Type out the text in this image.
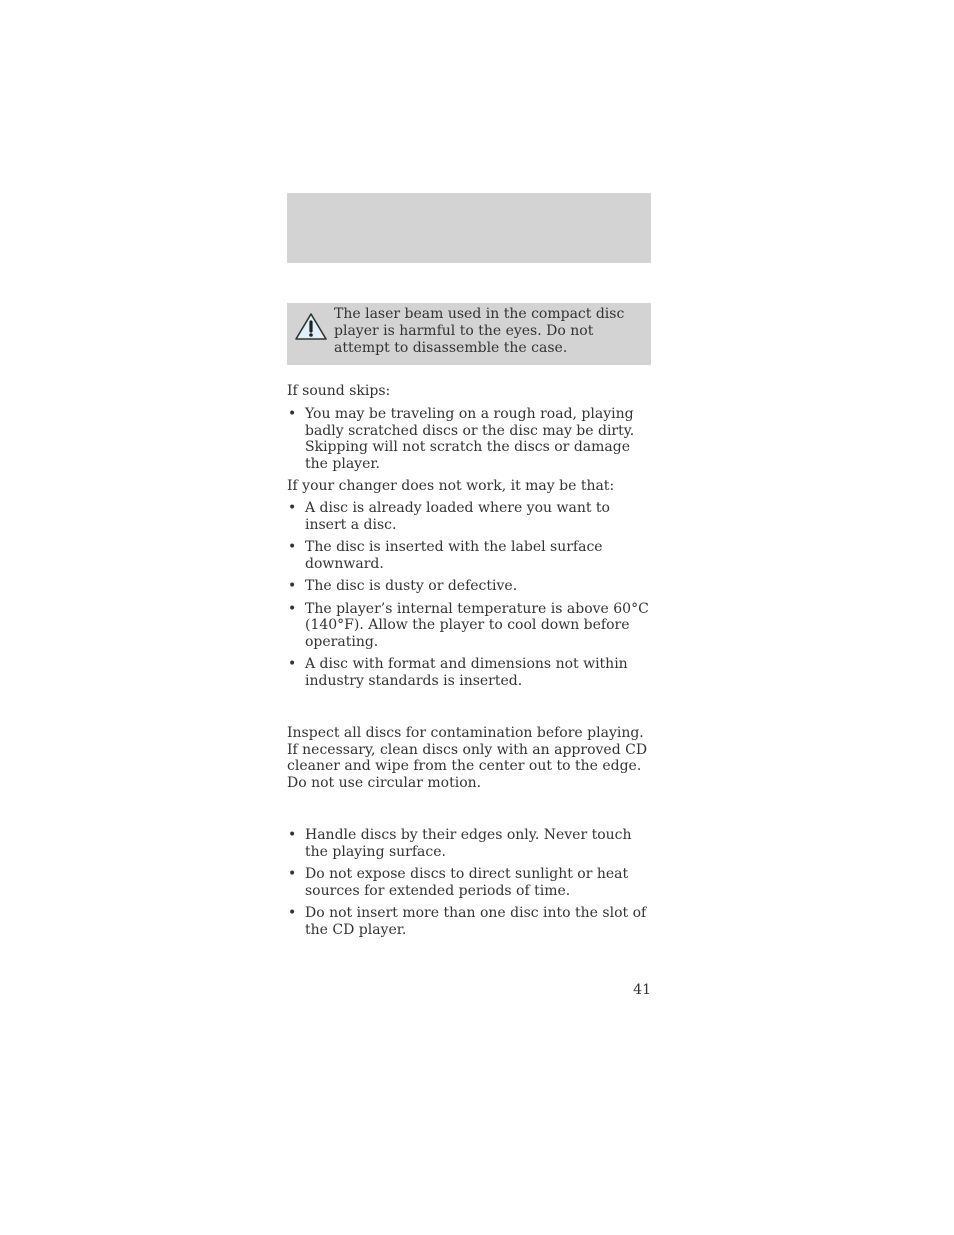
The laser beam used in the compact disc player is harmful to the eyes. Do not attempt to disassemble the case.

If sound skips:

• You may be traveling on a rough road, playing badly scratched discs or the disc may be dirty. Skipping will not scratch the discs or damage the player.

If your changer does not work, it may be that:

• A disc is already loaded where you want to insert a disc.
• The disc is inserted with the label surface downward.
• The disc is dusty or defective.
• The player’s internal temperature is above 60°C (140°F). Allow the player to cool down before operating.
• A disc with format and dimensions not within industry standards is inserted.

Inspect all discs for contamination before playing. If necessary, clean discs only with an approved CD cleaner and wipe from the center out to the edge. Do not use circular motion.

• Handle discs by their edges only. Never touch the playing surface.
• Do not expose discs to direct sunlight or heat sources for extended periods of time.
• Do not insert more than one disc into the slot of the CD player.
41
